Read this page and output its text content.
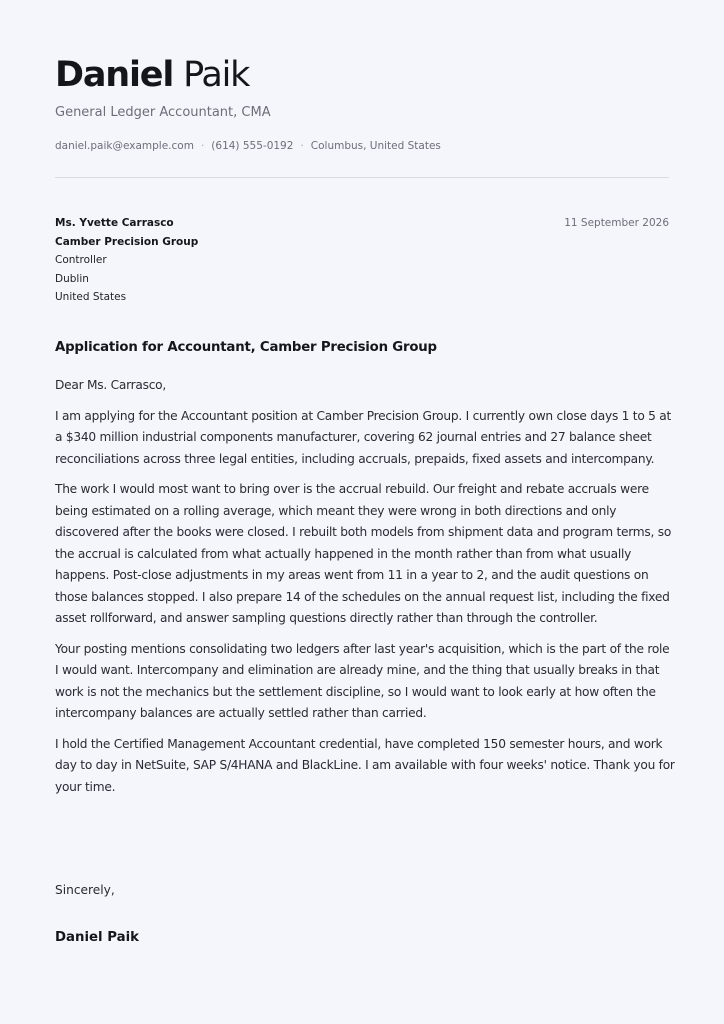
Daniel Paik
General Ledger Accountant, CMA
daniel.paik@example.com · (614) 555-0192 · Columbus, United States
Ms. Yvette Carrasco
Camber Precision Group
Controller
Dublin
United States
11 September 2026
Application for Accountant, Camber Precision Group

Dear Ms. Carrasco,

I am applying for the Accountant position at Camber Precision Group. I currently own close days 1 to 5 at a $340 million industrial components manufacturer, covering 62 journal entries and 27 balance sheet reconciliations across three legal entities, including accruals, prepaids, fixed assets and intercompany.

The work I would most want to bring over is the accrual rebuild. Our freight and rebate accruals were being estimated on a rolling average, which meant they were wrong in both directions and only discovered after the books were closed. I rebuilt both models from shipment data and program terms, so the accrual is calculated from what actually happened in the month rather than from what usually happens. Post-close adjustments in my areas went from 11 in a year to 2, and the audit questions on those balances stopped. I also prepare 14 of the schedules on the annual request list, including the fixed asset rollforward, and answer sampling questions directly rather than through the controller.

Your posting mentions consolidating two ledgers after last year's acquisition, which is the part of the role I would want. Intercompany and elimination are already mine, and the thing that usually breaks in that work is not the mechanics but the settlement discipline, so I would want to look early at how often the intercompany balances are actually settled rather than carried.

I hold the Certified Management Accountant credential, have completed 150 semester hours, and work day to day in NetSuite, SAP S/4HANA and BlackLine. I am available with four weeks' notice. Thank you for your time.

Sincerely,
Daniel Paik
